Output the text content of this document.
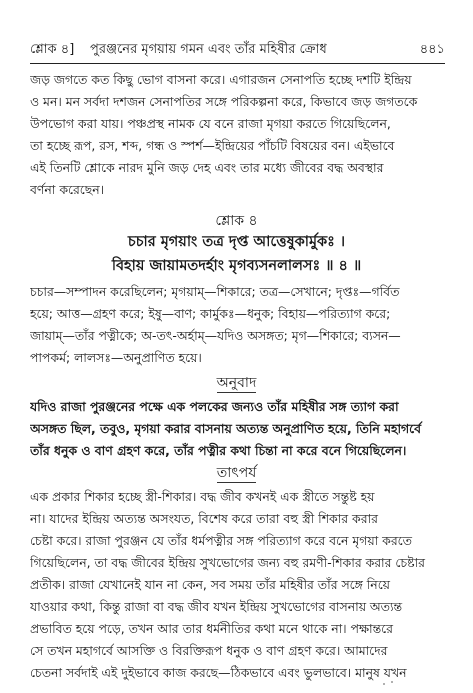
শ্লোক ৪] পুরঞ্জনের মৃগয়ায় গমন এবং তাঁর মহিষীর ক্রোধ	৪৪১
জড় জগতে কত কিছু ভোগ বাসনা করে। এগারজন সেনাপতি হচ্ছে দশটি ইন্দ্রিয়
ও মন। মন সর্বদা দশজন সেনাপতির সঙ্গে পরিকল্পনা করে, কিভাবে জড় জগতকে
উপভোগ করা যায়। পঞ্চপ্রস্থ নামক যে বনে রাজা মৃগয়া করতে গিয়েছিলেন,
তা হচ্ছে রূপ, রস, শব্দ, গন্ধ ও স্পর্শ—ইন্দ্রিয়ের পাঁচটি বিষয়ের বন। এইভাবে
এই তিনটি শ্লোকে নারদ মুনি জড় দেহ এবং তার মধ্যে জীবের বদ্ধ অবস্থার
বর্ণনা করেছেন।

শ্লোক ৪

চচার মৃগয়াং তত্র দৃপ্ত আত্তেষুকার্মুকঃ ।
বিহায় জায়ামতদর্হাং মৃগব্যসনলালসঃ ॥ ৪ ॥
চচার—সম্পাদন করেছিলেন; মৃগয়াম্—শিকারে; তত্র—সেখানে; দৃপ্তঃ—গর্বিত
হয়ে; আত্ত—গ্রহণ করে; ইষু—বাণ; কার্মুকঃ—ধনুক; বিহায়—পরিত্যাগ করে;
জায়াম্—তাঁর পত্নীকে; অ-তৎ-অর্হাম্—যদিও অসঙ্গত; মৃগ—শিকারে; ব্যসন—
পাপকর্ম; লালসঃ—অনুপ্রাণিত হয়ে।

অনুবাদ

যদিও রাজা পুরঞ্জনের পক্ষে এক পলকের জন্যও তাঁর মহিষীর সঙ্গ ত্যাগ করা
অসঙ্গত ছিল, তবুও, মৃগয়া করার বাসনায় অত্যন্ত অনুপ্রাণিত হয়ে, তিনি মহাগর্বে
তাঁর ধনুক ও বাণ গ্রহণ করে, তাঁর পত্নীর কথা চিন্তা না করে বনে গিয়েছিলেন।

তাৎপর্য

এক প্রকার শিকার হচ্ছে স্ত্রী-শিকার। বদ্ধ জীব কখনই এক স্ত্রীতে সন্তুষ্ট হয়
না। যাদের ইন্দ্রিয় অত্যন্ত অসংযত, বিশেষ করে তারা বহু স্ত্রী শিকার করার
চেষ্টা করে। রাজা পুরঞ্জন যে তাঁর ধর্মপত্নীর সঙ্গ পরিত্যাগ করে বনে মৃগয়া করতে
গিয়েছিলেন, তা বদ্ধ জীবের ইন্দ্রিয় সুখভোগের জন্য বহু রমণী-শিকার করার চেষ্টার
প্রতীক। রাজা যেখানেই যান না কেন, সব সময় তাঁর মহিষীর তাঁর সঙ্গে নিয়ে
যাওয়ার কথা, কিন্তু রাজা বা বদ্ধ জীব যখন ইন্দ্রিয় সুখভোগের বাসনায় অত্যন্ত
প্রভাবিত হয়ে পড়ে, তখন আর তার ধর্মনীতির কথা মনে থাকে না। পক্ষান্তরে
সে তখন মহাগর্বে আসক্তি ও বিরক্তিরূপ ধনুক ও বাণ গ্রহণ করে। আমাদের
চেতনা সর্বদাই এই দুইভাবে কাজ করছে—ঠিকভাবে এবং ভুলভাবে। মানুষ যখন
